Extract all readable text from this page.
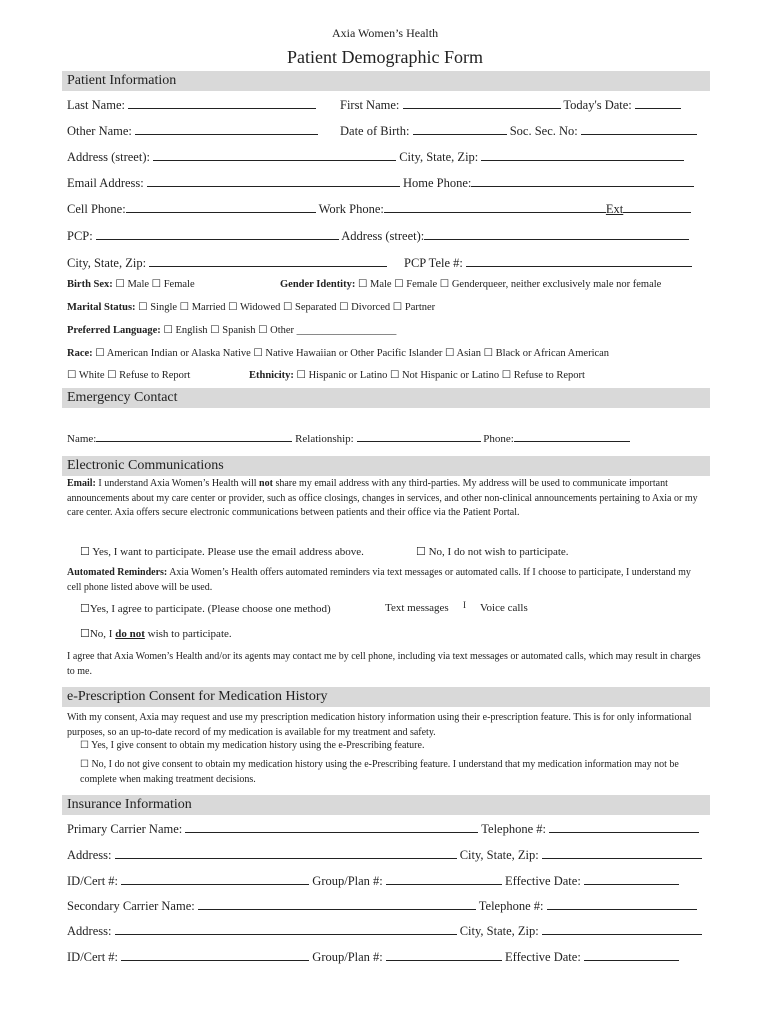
Axia Women’s Health
Patient Demographic Form
Patient Information
Last Name:	First Name:	Today's Date:
Other Name:	Date of Birth:	Soc. Sec. No:
Address (street):	City, State, Zip:
Email Address:	Home Phone:
Cell Phone:	Work Phone:	Ext
PCP:	Address (street):
City, State, Zip:	PCP Tele #:
Birth Sex: ☐ Male ☐ Female	Gender Identity: ☐ Male ☐ Female ☐ Genderqueer, neither exclusively male nor female
Marital Status: ☐ Single ☐ Married ☐ Widowed ☐ Separated ☐ Divorced ☐ Partner
Preferred Language: ☐ English ☐ Spanish ☐ Other ___________________
Race: ☐ American Indian or Alaska Native ☐ Native Hawaiian or Other Pacific Islander ☐ Asian ☐ Black or African American
☐ White ☐ Refuse to Report	Ethnicity: ☐ Hispanic or Latino ☐ Not Hispanic or Latino ☐ Refuse to Report
Emergency Contact
Name:	Relationship:	Phone:
Electronic Communications
Email: I understand Axia Women’s Health will not share my email address with any third-parties. My address will be used to communicate important announcements about my care center or provider, such as office closings, changes in services, and other non-clinical announcements pertaining to Axia or my care center. Axia offers secure electronic communications between patients and their office via the Patient Portal.
☐ Yes, I want to participate. Please use the email address above.	☐ No, I do not wish to participate.
Automated Reminders: Axia Women’s Health offers automated reminders via text messages or automated calls. If I choose to participate, I understand my cell phone listed above will be used.
☐Yes, I agree to participate. (Please choose one method)	Text messages I Voice calls
☐No, I do not wish to participate.
I agree that Axia Women’s Health and/or its agents may contact me by cell phone, including via text messages or automated calls, which may result in charges to me.
e-Prescription Consent for Medication History
With my consent, Axia may request and use my prescription medication history information using their e-prescription feature. This is for only informational purposes, so an up-to-date record of my medication is available for my treatment and safety.
☐ Yes, I give consent to obtain my medication history using the e-Prescribing feature.
☐ No, I do not give consent to obtain my medication history using the e-Prescribing feature. I understand that my medication information may not be complete when making treatment decisions.
Insurance Information
Primary Carrier Name:	Telephone #:
Address:	City, State, Zip:
ID/Cert #:	Group/Plan #:	Effective Date:
Secondary Carrier Name:	Telephone #:
Address:	City, State, Zip:
ID/Cert #:	Group/Plan #:	Effective Date:
